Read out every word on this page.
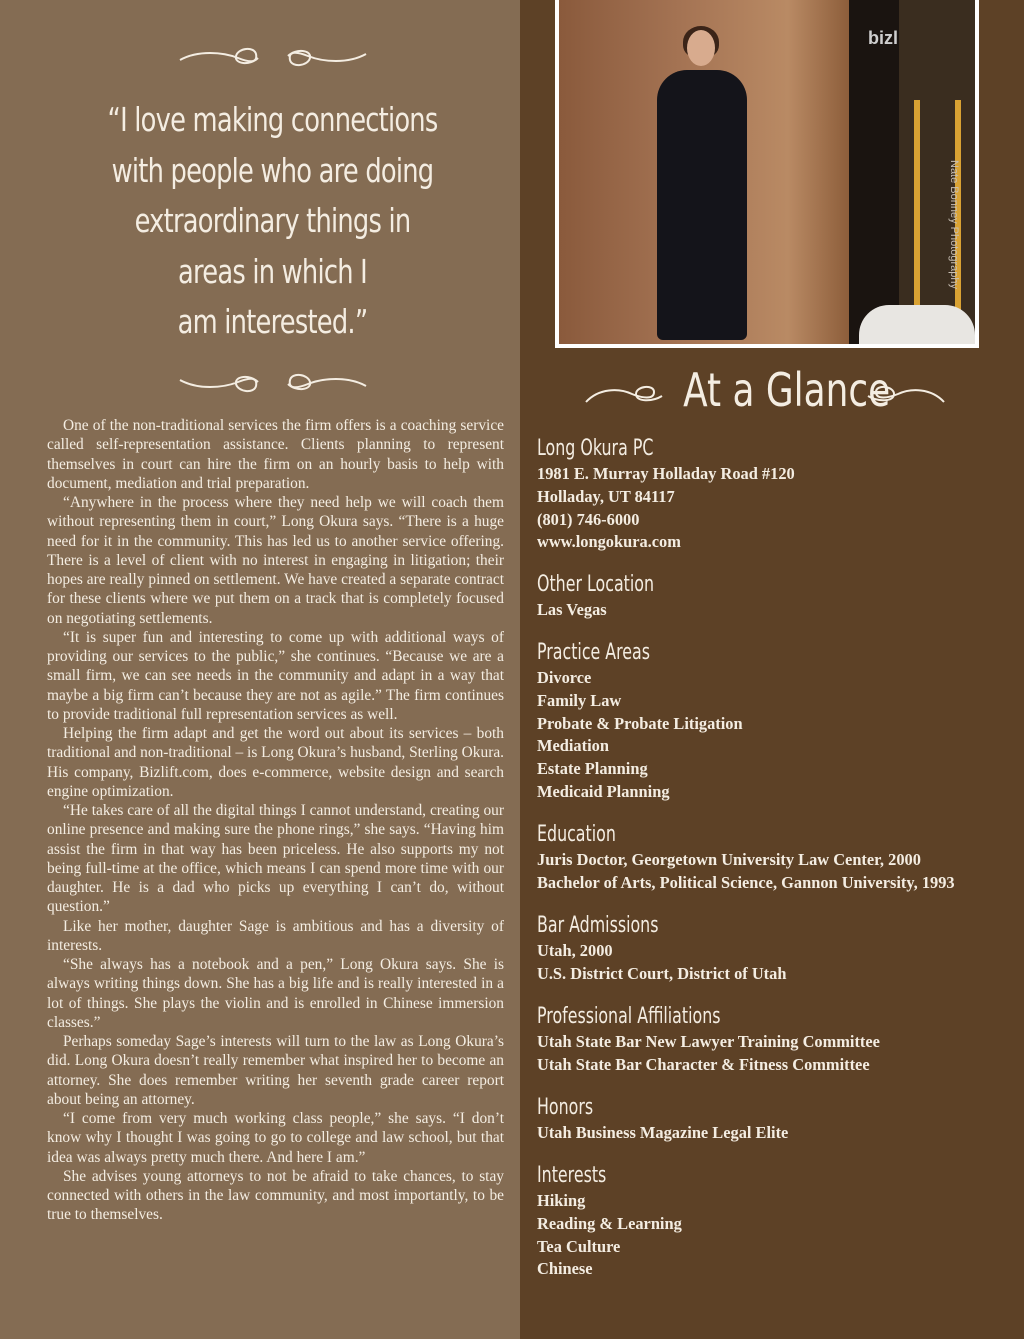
“I love making connections
with people who are doing
extraordinary things in
areas in which I
am interested.”

One of the non-traditional services the firm offers is a coaching service called self-representation assistance. Clients planning to represent themselves in court can hire the firm on an hourly basis to help with document, mediation and trial preparation.

“Anywhere in the process where they need help we will coach them without representing them in court,” Long Okura says. “There is a huge need for it in the community. This has led us to another service offering. There is a level of client with no interest in engaging in litigation; their hopes are really pinned on settlement. We have created a separate contract for these clients where we put them on a track that is completely focused on negotiating settlements.

“It is super fun and interesting to come up with additional ways of providing our services to the public,” she continues. “Because we are a small firm, we can see needs in the community and adapt in a way that maybe a big firm can’t because they are not as agile.” The firm continues to provide traditional full representation services as well.

Helping the firm adapt and get the word out about its services – both traditional and non-traditional – is Long Okura’s husband, Sterling Okura. His company, Bizlift.com, does e-commerce, website design and search engine optimization.

“He takes care of all the digital things I cannot understand, creating our online presence and making sure the phone rings,” she says. “Having him assist the firm in that way has been priceless. He also supports my not being full-time at the office, which means I can spend more time with our daughter. He is a dad who picks up everything I can’t do, without question.”

Like her mother, daughter Sage is ambitious and has a diversity of interests.

“She always has a notebook and a pen,” Long Okura says. She is always writing things down. She has a big life and is really interested in a lot of things. She plays the violin and is enrolled in Chinese immersion classes.”

Perhaps someday Sage’s interests will turn to the law as Long Okura’s did. Long Okura doesn’t really remember what inspired her to become an attorney. She does remember writing her seventh grade career report about being an attorney.

“I come from very much working class people,” she says. “I don’t know why I thought I was going to go to college and law school, but that idea was always pretty much there. And here I am.”

She advises young attorneys to not be afraid to take chances, to stay connected with others in the law community, and most importantly, to be true to themselves.

bizl
Nate Bonney Photography
At a Glance
Long Okura PC
1981 E. Murray Holladay Road #120
Holladay, UT 84117
(801) 746-6000
www.longokura.com
Other Location
Las Vegas
Practice Areas
Divorce
Family Law
Probate & Probate Litigation
Mediation
Estate Planning
Medicaid Planning
Education
Juris Doctor, Georgetown University Law Center, 2000
Bachelor of Arts, Political Science, Gannon University, 1993
Bar Admissions
Utah, 2000
U.S. District Court, District of Utah
Professional Affiliations
Utah State Bar New Lawyer Training Committee
Utah State Bar Character & Fitness Committee
Honors
Utah Business Magazine Legal Elite
Interests
Hiking
Reading & Learning
Tea Culture
Chinese
